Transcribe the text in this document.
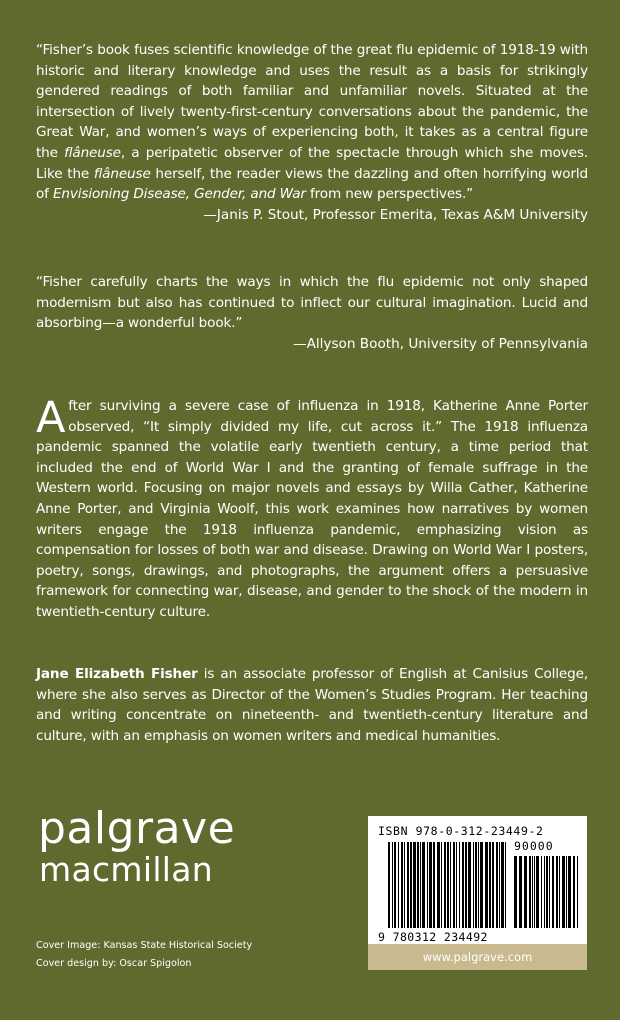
“Fisher’s book fuses scientific knowledge of the great flu epidemic of 1918-19 with historic and literary knowledge and uses the result as a basis for strikingly gendered readings of both familiar and unfamiliar novels. Situated at the intersection of lively twenty-first-century conversations about the pandemic, the Great War, and women’s ways of experiencing both, it takes as a central figure the flâneuse, a peripatetic observer of the spectacle through which she moves. Like the flâneuse herself, the reader views the dazzling and often horrifying world of Envisioning Disease, Gender, and War from new perspectives.”

—Janis P. Stout, Professor Emerita, Texas A&M University

“Fisher carefully charts the ways in which the flu epidemic not only shaped modernism but also has continued to inflect our cultural imagination. Lucid and absorbing—a wonderful book.”

—Allyson Booth, University of Pennsylvania

After surviving a severe case of influenza in 1918, Katherine Anne Porter observed, “It simply divided my life, cut across it.” The 1918 influenza pandemic spanned the volatile early twentieth century, a time period that included the end of World War I and the granting of female suffrage in the Western world. Focusing on major novels and essays by Willa Cather, Katherine Anne Porter, and Virginia Woolf, this work examines how narratives by women writers engage the 1918 influenza pandemic, emphasizing vision as compensation for losses of both war and disease. Drawing on World War I posters, poetry, songs, drawings, and photographs, the argument offers a persuasive framework for connecting war, disease, and gender to the shock of the modern in twentieth-century culture.

Jane Elizabeth Fisher is an associate professor of English at Canisius College, where she also serves as Director of the Women’s Studies Program. Her teaching and writing concentrate on nineteenth- and twentieth-century literature and culture, with an emphasis on women writers and medical humanities.

palgrave
macmillan
Cover Image: Kansas State Historical Society
Cover design by: Oscar Spigolon
ISBN 978-0-312-23449-2
90000
9 780312 234492
www.palgrave.com
